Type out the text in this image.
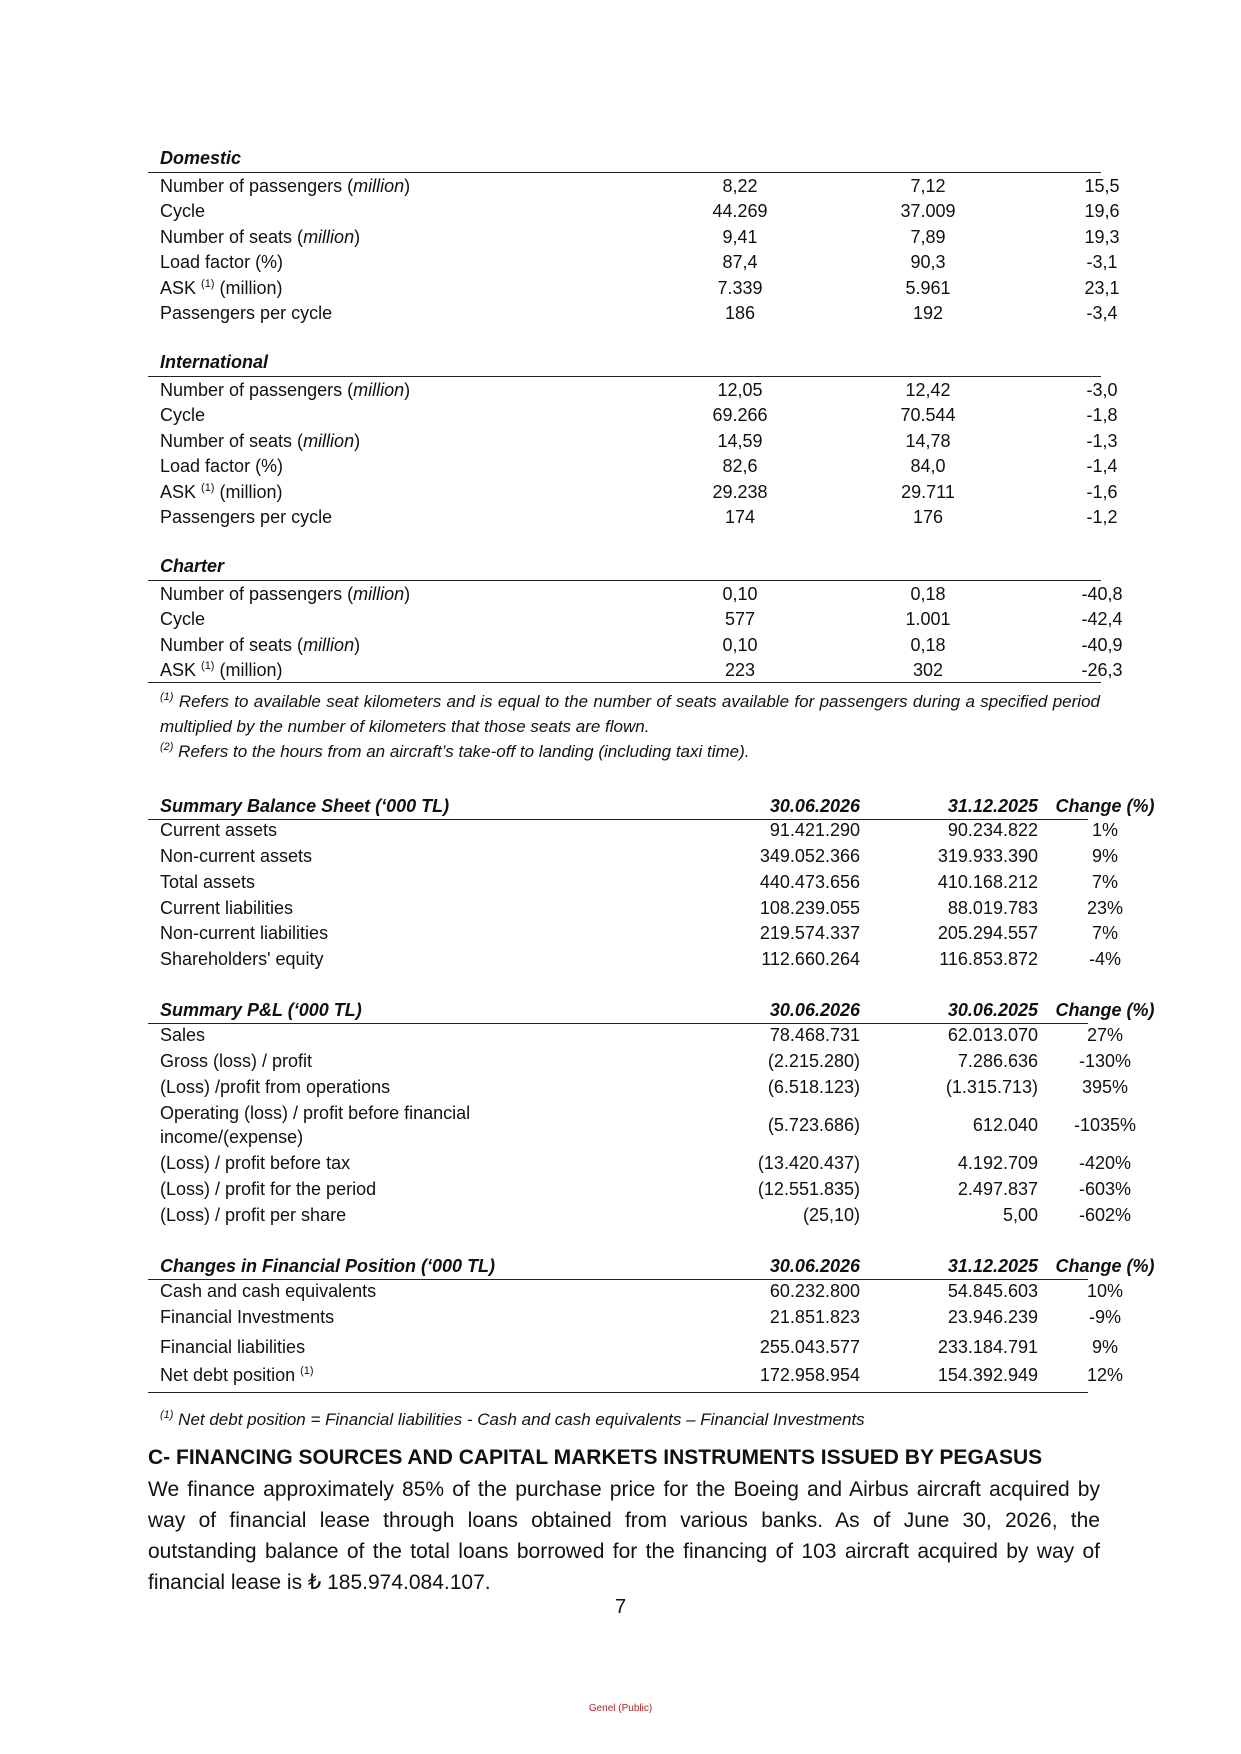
Domestic
Number of passengers (million)	8,22	7,12	15,5
Cycle	44.269	37.009	19,6
Number of seats (million)	9,41	7,89	19,3
Load factor (%)	87,4	90,3	-3,1
ASK $^{(1)}$ (million)	7.339	5.961	23,1
Passengers per cycle	186	192	-3,4
International
Number of passengers (million)	12,05	12,42	-3,0
Cycle	69.266	70.544	-1,8
Number of seats (million)	14,59	14,78	-1,3
Load factor (%)	82,6	84,0	-1,4
ASK $^{(1)}$ (million)	29.238	29.711	-1,6
Passengers per cycle	174	176	-1,2
Charter
Number of passengers (million)	0,10	0,18	-40,8
Cycle	577	1.001	-42,4
Number of seats (million)	0,10	0,18	-40,9
ASK $^{(1)}$ (million)	223	302	-26,3
$^{(1)}$ Refers to available seat kilometers and is equal to the number of seats available for passengers during a specified period multiplied by the number of kilometers that those seats are flown.
$^{(2)}$ Refers to the hours from an aircraft’s take-off to landing (including taxi time).
Summary Balance Sheet (‘000 TL)	30.06.2026	31.12.2025 Change (%)
Current assets	91.421.290	90.234.822	1%
Non-current assets	349.052.366	319.933.390	9%
Total assets	440.473.656	410.168.212	7%
Current liabilities	108.239.055	88.019.783	23%
Non-current liabilities	219.574.337	205.294.557	7%
Shareholders' equity	112.660.264	116.853.872	-4%
Summary P&L (‘000 TL)	30.06.2026	30.06.2025 Change (%)
Sales	78.468.731	62.013.070	27%
Gross (loss) / profit	(2.215.280)	7.286.636	-130%
(Loss) /profit from operations	(6.518.123)	(1.315.713)	395%
Operating (loss) / profit before financial
income/(expense)
(5.723.686)	612.040	-1035%
(Loss) / profit before tax	(13.420.437)	4.192.709	-420%
(Loss) / profit for the period	(12.551.835)	2.497.837	-603%
(Loss) / profit per share	(25,10)	5,00	-602%
Changes in Financial Position (‘000 TL)	30.06.2026	31.12.2025 Change (%)
Cash and cash equivalents	60.232.800	54.845.603	10%
Financial Investments	21.851.823	23.946.239	-9%
Financial liabilities	255.043.577	233.184.791	9%
Net debt position $^{(1)}$	172.958.954	154.392.949	12%
$^{(1)}$ Net debt position = Financial liabilities - Cash and cash equivalents – Financial Investments
C- FINANCING SOURCES AND CAPITAL MARKETS INSTRUMENTS ISSUED BY PEGASUS
We finance approximately 85% of the purchase price for the Boeing and Airbus aircraft acquired by way of financial lease through loans obtained from various banks. As of June 30, 2026, the outstanding balance of the total loans borrowed for the financing of 103 aircraft acquired by way of financial lease is ₺ 185.974.084.107.
7
Genel (Public)
